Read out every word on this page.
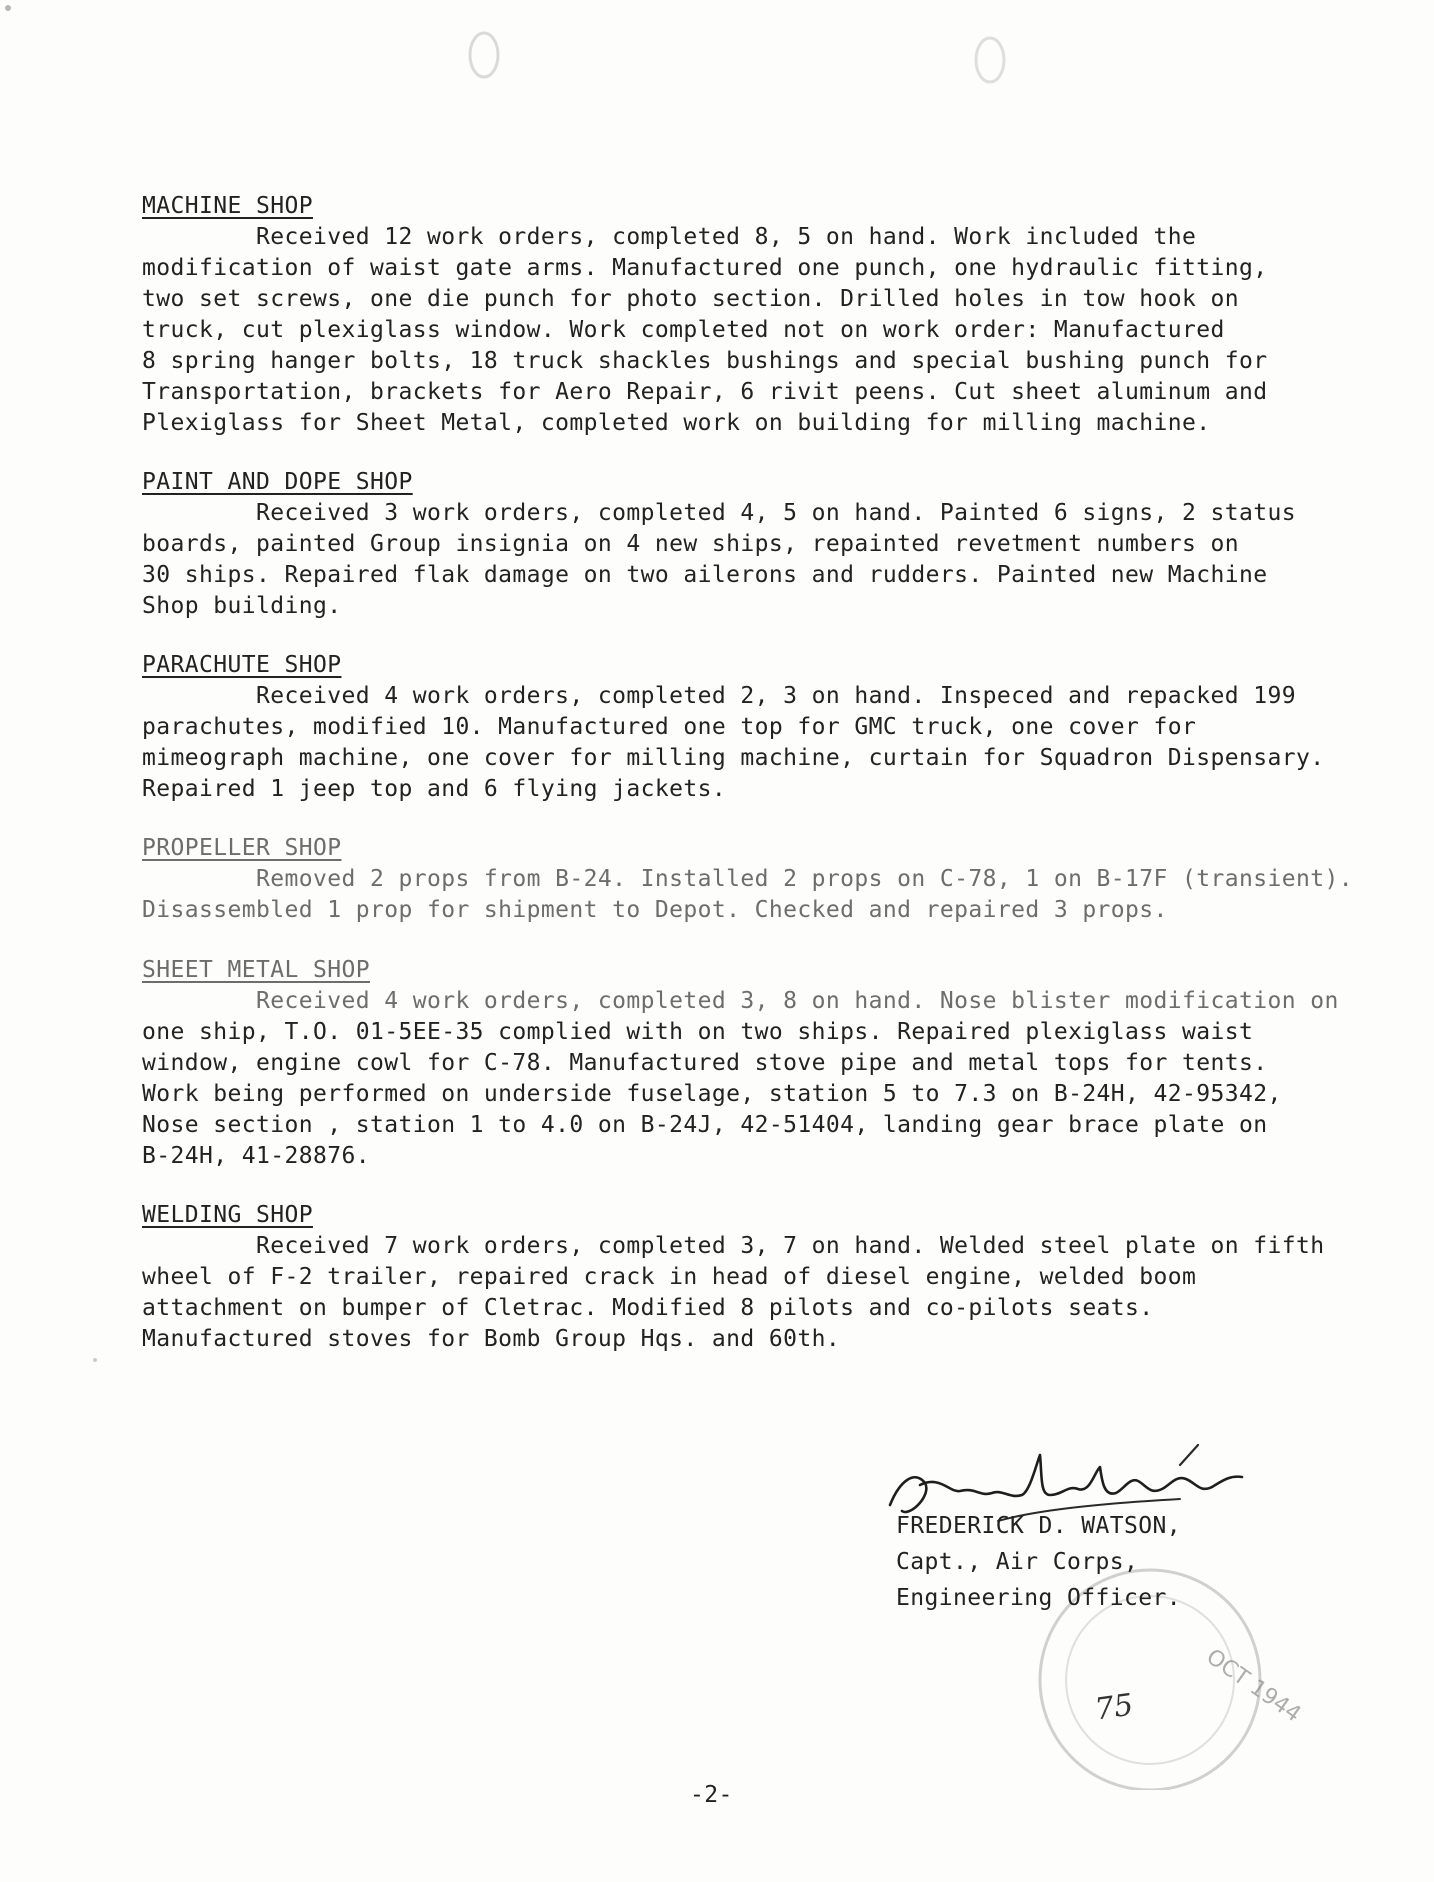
MACHINE SHOP
Received 12 work orders, completed 8, 5 on hand. Work included the
modification of waist gate arms. Manufactured one punch, one hydraulic fitting,
two set screws, one die punch for photo section. Drilled holes in tow hook on
truck, cut plexiglass window. Work completed not on work order: Manufactured
8 spring hanger bolts, 18 truck shackles bushings and special bushing punch for
Transportation, brackets for Aero Repair, 6 rivit peens. Cut sheet aluminum and
Plexiglass for Sheet Metal, completed work on building for milling machine.
PAINT AND DOPE SHOP
Received 3 work orders, completed 4, 5 on hand. Painted 6 signs, 2 status
boards, painted Group insignia on 4 new ships, repainted revetment numbers on
30 ships. Repaired flak damage on two ailerons and rudders. Painted new Machine
Shop building.
PARACHUTE SHOP
Received 4 work orders, completed 2, 3 on hand. Inspeced and repacked 199
parachutes, modified 10. Manufactured one top for GMC truck, one cover for
mimeograph machine, one cover for milling machine, curtain for Squadron Dispensary.
Repaired 1 jeep top and 6 flying jackets.
PROPELLER SHOP
Removed 2 props from B-24. Installed 2 props on C-78, 1 on B-17F (transient).
Disassembled 1 prop for shipment to Depot. Checked and repaired 3 props.
SHEET METAL SHOP
Received 4 work orders, completed 3, 8 on hand. Nose blister modification on
one ship, T.O. 01-5EE-35 complied with on two ships. Repaired plexiglass waist
window, engine cowl for C-78. Manufactured stove pipe and metal tops for tents.
Work being performed on underside fuselage, station 5 to 7.3 on B-24H, 42-95342,
Nose section , station 1 to 4.0 on B-24J, 42-51404, landing gear brace plate on
B-24H, 41-28876.
WELDING SHOP
Received 7 work orders, completed 3, 7 on hand. Welded steel plate on fifth
wheel of F-2 trailer, repaired crack in head of diesel engine, welded boom
attachment on bumper of Cletrac. Modified 8 pilots and co-pilots seats.
Manufactured stoves for Bomb Group Hqs. and 60th.
OCT 1944
75
Frederick D. Watson
FREDERICK D. WATSON,
Capt., Air Corps,
Engineering Officer.
-2-
